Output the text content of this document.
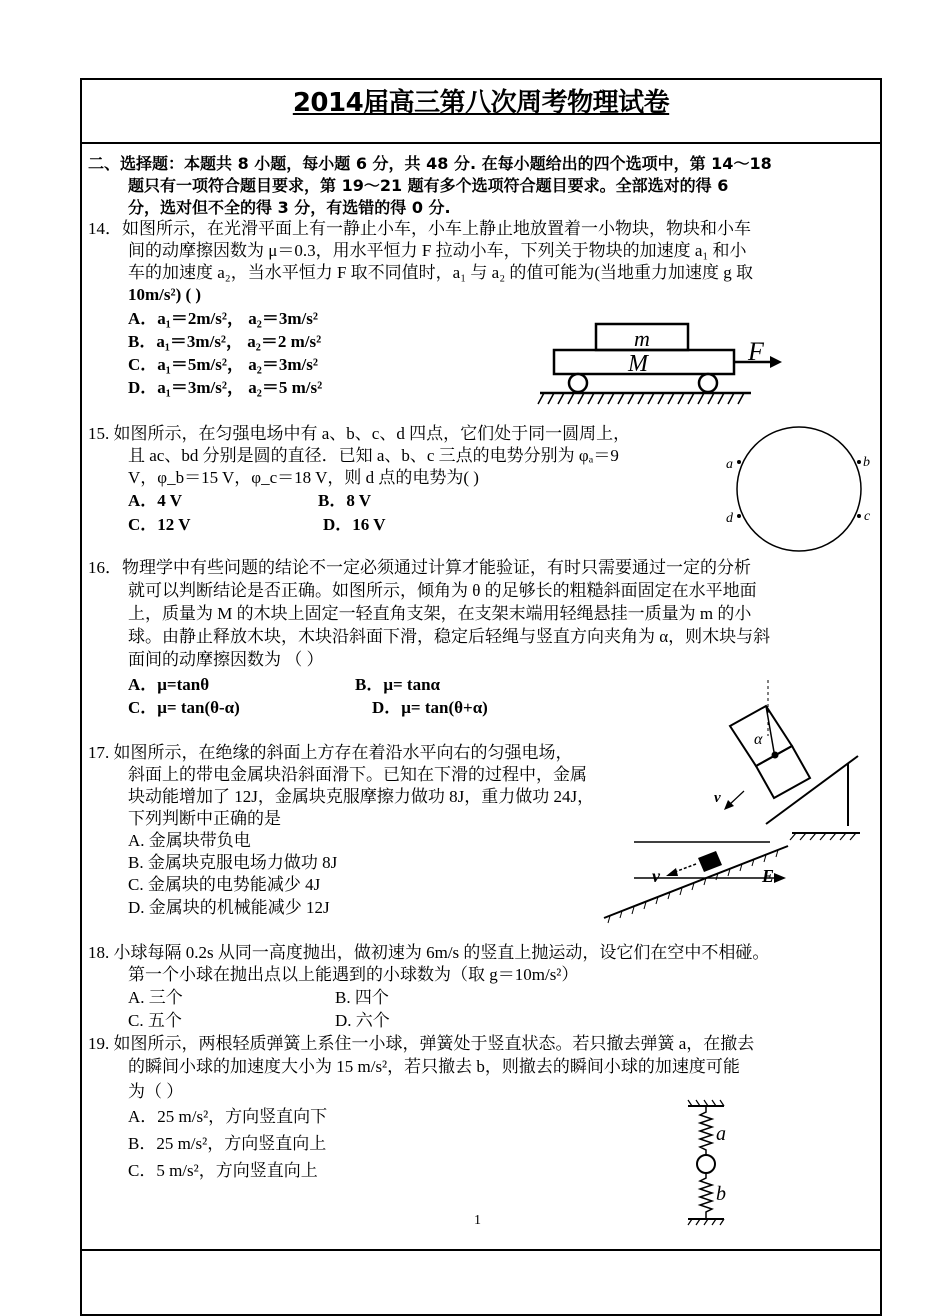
2014届高三第八次周考物理试卷
二、选择题：本题共 8 小题，每小题 6 分，共 48 分. 在每小题给出的四个选项中，第 14～18
题只有一项符合题目要求，第 19～21 题有多个选项符合题目要求。全部选对的得 6
分，选对但不全的得 3 分，有选错的得 0 分.
14．如图所示，在光滑平面上有一静止小车，小车上静止地放置着一小物块，物块和小车
间的动摩擦因数为 μ＝0.3，用水平恒力 F 拉动小车，下列关于物块的加速度 a₁ 和小
车的加速度 a₂，当水平恒力 F 取不同值时，a₁ 与 a₂ 的值可能为(当地重力加速度 g 取
10m/s²) ( )
A．a₁＝2m/s²， a₂＝3m/s²
B．a₁＝3m/s²， a₂＝2 m/s²
C．a₁＝5m/s²， a₂＝3m/s²
D．a₁＝3m/s²， a₂＝5 m/s²
m
M	F
15. 如图所示，在匀强电场中有 a、b、c、d 四点，它们处于同一圆周上，
且 ac、bd 分别是圆的直径．已知 a、b、c 三点的电势分别为 φₐ＝9
V，φ_b＝15 V，φ_c＝18 V，则 d 点的电势为( )
A．4 V	B．8 V
C．12 V	D．16 V
a	b
c
d
16．物理学中有些问题的结论不一定必须通过计算才能验证，有时只需要通过一定的分析
就可以判断结论是否正确。如图所示，倾角为 θ 的足够长的粗糙斜面固定在水平地面
上，质量为 M 的木块上固定一轻直角支架，在支架末端用轻绳悬挂一质量为 m 的小
球。由静止释放木块，木块沿斜面下滑，稳定后轻绳与竖直方向夹角为 α，则木块与斜
面间的动摩擦因数为 （ ）
A．μ=tanθ	B．μ= tanα
C．μ= tan(θ-α)	D．μ= tan(θ+α)
α
v
17. 如图所示，在绝缘的斜面上方存在着沿水平向右的匀强电场，
斜面上的带电金属块沿斜面滑下。已知在下滑的过程中，金属
块动能增加了 12J，金属块克服摩擦力做功 8J，重力做功 24J，
下列判断中正确的是
A. 金属块带负电
B. 金属块克服电场力做功 8J
C. 金属块的电势能减少 4J
D. 金属块的机械能减少 12J
v	E
18. 小球每隔 0.2s 从同一高度抛出，做初速为 6m/s 的竖直上抛运动，设它们在空中不相碰。
第一个小球在抛出点以上能遇到的小球数为（取 g＝10m/s²）
A. 三个	B. 四个
C. 五个	D. 六个
19. 如图所示，两根轻质弹簧上系住一小球，弹簧处于竖直状态。若只撤去弹簧 a，在撤去
的瞬间小球的加速度大小为 15 m/s²，若只撤去 b，则撤去的瞬间小球的加速度可能
为（ ）
A．25 m/s²，方向竖直向下
B．25 m/s²，方向竖直向上
C．5 m/s²，方向竖直向上
a
b
1
